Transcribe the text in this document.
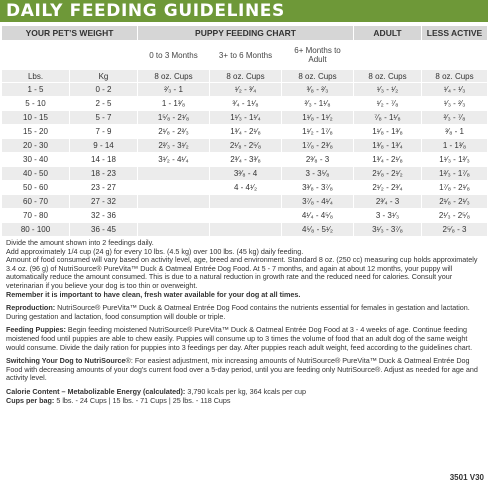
DAILY FEEDING GUIDELINES
YOUR PET’S WEIGHT		PUPPY FEEDING CHART			ADULT	LESS ACTIVE
		0 to 3 Months	3+ to 6 Months	6+ Months to Adult		
Lbs.	Kg	8 oz. Cups	8 oz. Cups	8 oz. Cups	8 oz. Cups	8 oz. Cups
1 - 5	0 - 2	²⁄₃ - 1	¹⁄₂ - ³⁄₄	³⁄₈ - ²⁄₃	¹⁄₃ - ¹⁄₂	¹⁄₄ - ¹⁄₃
5 - 10	2 - 5	1 - 1³⁄₈	³⁄₄ - 1¹⁄₈	²⁄₃ - 1¹⁄₈	¹⁄₂ - ⁷⁄₈	¹⁄₃ - ²⁄₃
10 - 15	5 - 7	1⁵⁄₈ - 2¹⁄₈	1¹⁄₃ - 1¹⁄₄	1¹⁄₈ - 1¹⁄₂	⁷⁄₈ - 1¹⁄₈	²⁄₃ - ⁷⁄₈
15 - 20	7 - 9	2¹⁄₈ - 2²⁄₃	1³⁄₄ - 2¹⁄₈	1¹⁄₂ - 1⁷⁄₈	1¹⁄₈ - 1³⁄₈	³⁄₈ - 1
20 - 30	9 - 14	2²⁄₃ - 3¹⁄₂	2¹⁄₈ - 2⁵⁄₈	1⁷⁄₈ - 2³⁄₈	1³⁄₈ - 1³⁄₄	1 - 1³⁄₈
30 - 40	14 - 18	3¹⁄₂ - 4¹⁄₄	2³⁄₄ - 3³⁄₈	2³⁄₈ - 3	1³⁄₄ - 2¹⁄₈	1¹⁄₃ - 1²⁄₃
40 - 50	18 - 23		3³⁄₈ - 4	3 - 3⁵⁄₈	2¹⁄₈ - 2¹⁄₂	1²⁄₃ - 1⁷⁄₈
50 - 60	23 - 27		4 - 4¹⁄₂	3³⁄₈ - 3⁷⁄₈	2¹⁄₂ - 2³⁄₄	1⁷⁄₈ - 2¹⁄₈
60 - 70	27 - 32			3⁷⁄₈ - 4¹⁄₄	2³⁄₄ - 3	2¹⁄₈ - 2¹⁄₃
70 - 80	32 - 36			4¹⁄₄ - 4⁵⁄₈	3 - 3¹⁄₃	2¹⁄₃ - 2⁵⁄₈
80 - 100	36 - 45			4⁵⁄₈ - 5¹⁄₂	3¹⁄₃ - 3⁷⁄₈	2⁵⁄₈ - 3

Divide the amount shown into 2 feedings daily.

Add approximately 1/4 cup (24 g) for every 10 lbs. (4.5 kg) over 100 lbs. (45 kg) daily feeding.

Amount of food consumed will vary based on activity level, age, breed and environment. Standard 8 oz. (250 cc) measuring cup holds approximately 3.4 oz. (96 g) of NutriSource® PureVita™ Duck & Oatmeal Entrée Dog Food. At 5 - 7 months, and again at about 12 months, your puppy will automatically reduce the amount consumed. This is due to a natural reduction in growth rate and the reduced need for calories. Consult your veterinarian if you believe your dog is too thin or overweight.

Remember it is important to have clean, fresh water available for your dog at all times.

Reproduction: NutriSource® PureVita™ Duck & Oatmeal Entrée Dog Food contains the nutrients essential for females in gestation and lactation. During gestation and lactation, food consumption will double or triple.

Feeding Puppies: Begin feeding moistened NutriSource® PureVita™ Duck & Oatmeal Entrée Dog Food at 3 - 4 weeks of age. Continue feeding moistened food until puppies are able to chew easily. Puppies will consume up to 3 times the volume of food that an adult dog of the same weight would consume. Divide the daily ration for puppies into 3 feedings per day. After puppies reach adult weight, feed according to the guidelines chart.

Switching Your Dog to NutriSource®: For easiest adjustment, mix increasing amounts of NutriSource® PureVita™ Duck & Oatmeal Entrée Dog Food with decreasing amounts of your dog’s current food over a 5-day period, until you are feeding only NutriSource®. Adjust as needed for age and activity level.

Calorie Content – Metabolizable Energy (calculated): 3,790 kcals per kg, 364 kcals per cup

Cups per bag: 5 lbs. - 24 Cups | 15 lbs. - 71 Cups | 25 lbs. - 118 Cups

3501 V30
